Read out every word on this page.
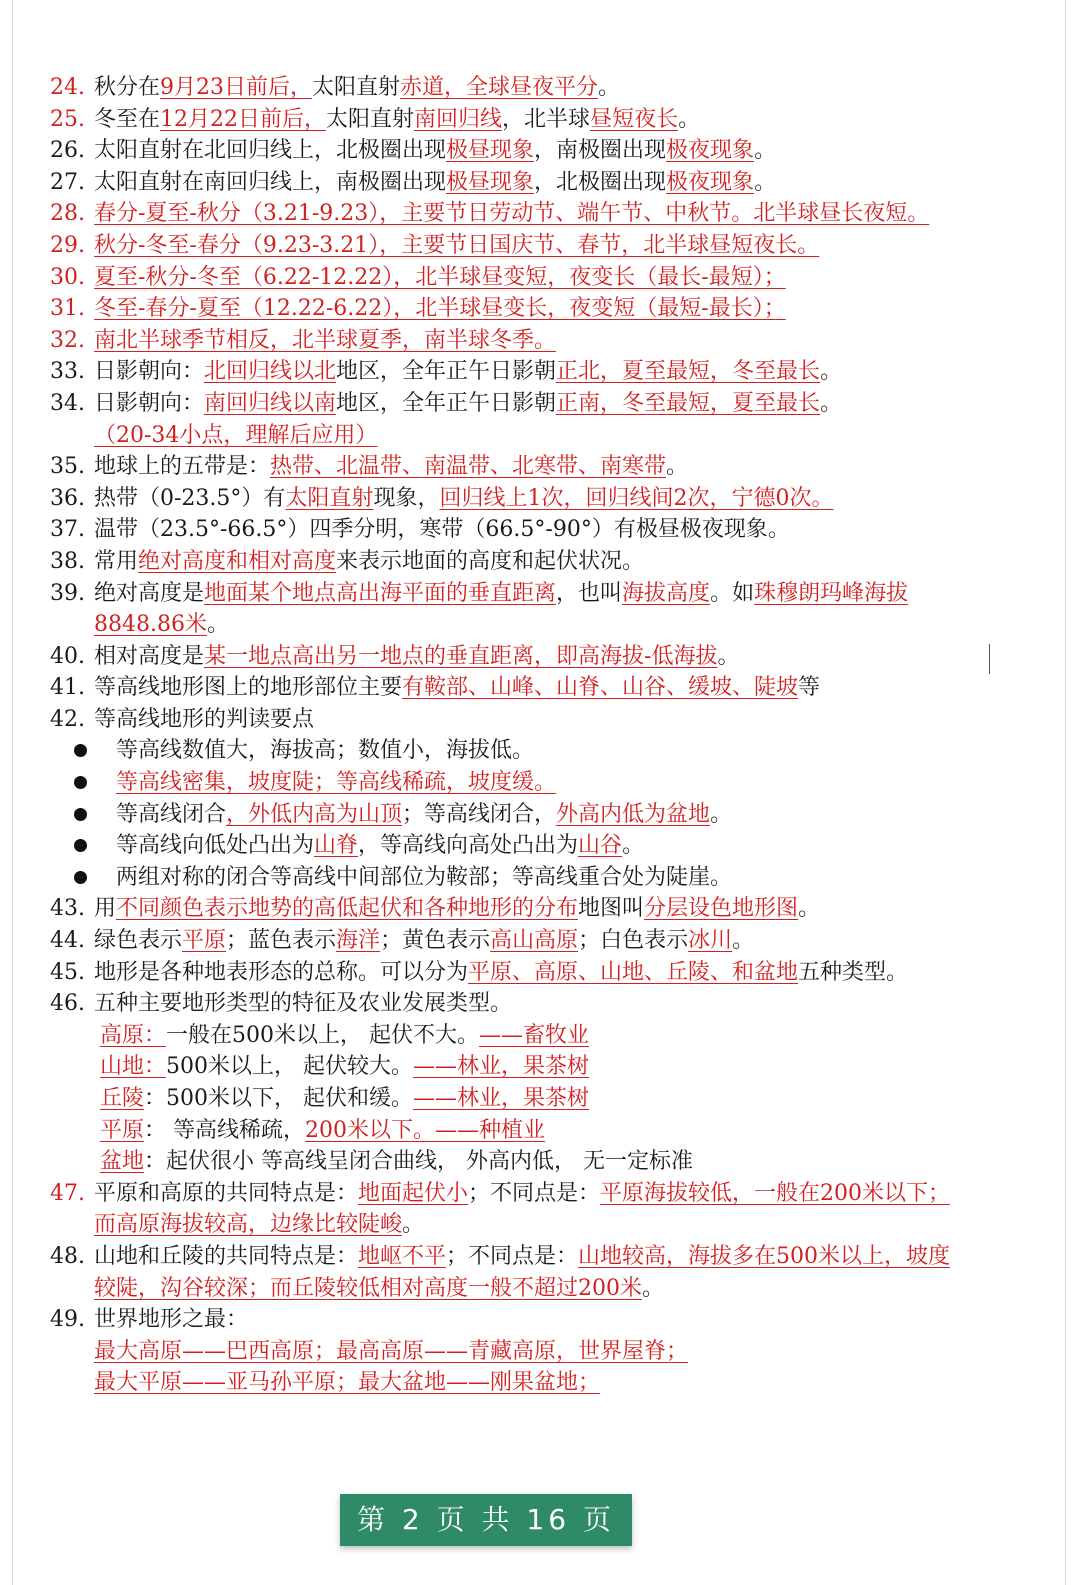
24. 秋分在9月23日前后，太阳直射赤道，全球昼夜平分。
25. 冬至在12月22日前后，太阳直射南回归线，北半球昼短夜长。
26. 太阳直射在北回归线上，北极圈出现极昼现象，南极圈出现极夜现象。
27. 太阳直射在南回归线上，南极圈出现极昼现象，北极圈出现极夜现象。
28. 春分-夏至-秋分（3.21-9.23），主要节日劳动节、端午节、中秋节。北半球昼长夜短。
29. 秋分-冬至-春分（9.23-3.21），主要节日国庆节、春节，北半球昼短夜长。
30. 夏至-秋分-冬至（6.22-12.22），北半球昼变短，夜变长（最长-最短）；
31. 冬至-春分-夏至（12.22-6.22），北半球昼变长，夜变短（最短-最长）；
32. 南北半球季节相反，北半球夏季，南半球冬季。
33. 日影朝向：北回归线以北地区，全年正午日影朝正北，夏至最短，冬至最长。
34. 日影朝向：南回归线以南地区，全年正午日影朝正南，冬至最短，夏至最长。
（20-34小点，理解后应用）
35. 地球上的五带是：热带、北温带、南温带、北寒带、南寒带。
36. 热带（0-23.5°）有太阳直射现象，回归线上1次，回归线间2次，宁德0次。
37. 温带（23.5°-66.5°）四季分明，寒带（66.5°-90°）有极昼极夜现象。
38. 常用绝对高度和相对高度来表示地面的高度和起伏状况。
39. 绝对高度是地面某个地点高出海平面的垂直距离，也叫海拔高度。如珠穆朗玛峰海拔8848.86米。
40. 相对高度是某一地点高出另一地点的垂直距离，即高海拔-低海拔。
41. 等高线地形图上的地形部位主要有鞍部、山峰、山脊、山谷、缓坡、陡坡等
42. 等高线地形的判读要点
等高线数值大，海拔高；数值小，海拔低。
等高线密集，坡度陡；等高线稀疏，坡度缓。
等高线闭合，外低内高为山顶；等高线闭合，外高内低为盆地。
等高线向低处凸出为山脊，等高线向高处凸出为山谷。
两组对称的闭合等高线中间部位为鞍部；等高线重合处为陡崖。
43. 用不同颜色表示地势的高低起伏和各种地形的分布地图叫分层设色地形图。
44. 绿色表示平原；蓝色表示海洋；黄色表示高山高原；白色表示冰川。
45. 地形是各种地表形态的总称。可以分为平原、高原、山地、丘陵、和盆地五种类型。
46. 五种主要地形类型的特征及农业发展类型。
高原：一般在500米以上， 起伏不大。——畜牧业
山地：500米以上， 起伏较大。——林业，果茶树
丘陵：500米以下， 起伏和缓。——林业，果茶树
平原： 等高线稀疏，200米以下。——种植业
盆地：起伏很小 等高线呈闭合曲线， 外高内低， 无一定标准
47. 平原和高原的共同特点是：地面起伏小；不同点是：平原海拔较低，一般在200米以下；而高原海拔较高，边缘比较陡峻。
48. 山地和丘陵的共同特点是：地岖不平；不同点是：山地较高，海拔多在500米以上，坡度较陡，沟谷较深；而丘陵较低相对高度一般不超过200米。
49. 世界地形之最：
最大高原——巴西高原；最高高原——青藏高原，世界屋脊；
最大平原——亚马孙平原；最大盆地——刚果盆地；
第 2 页 共 16 页
